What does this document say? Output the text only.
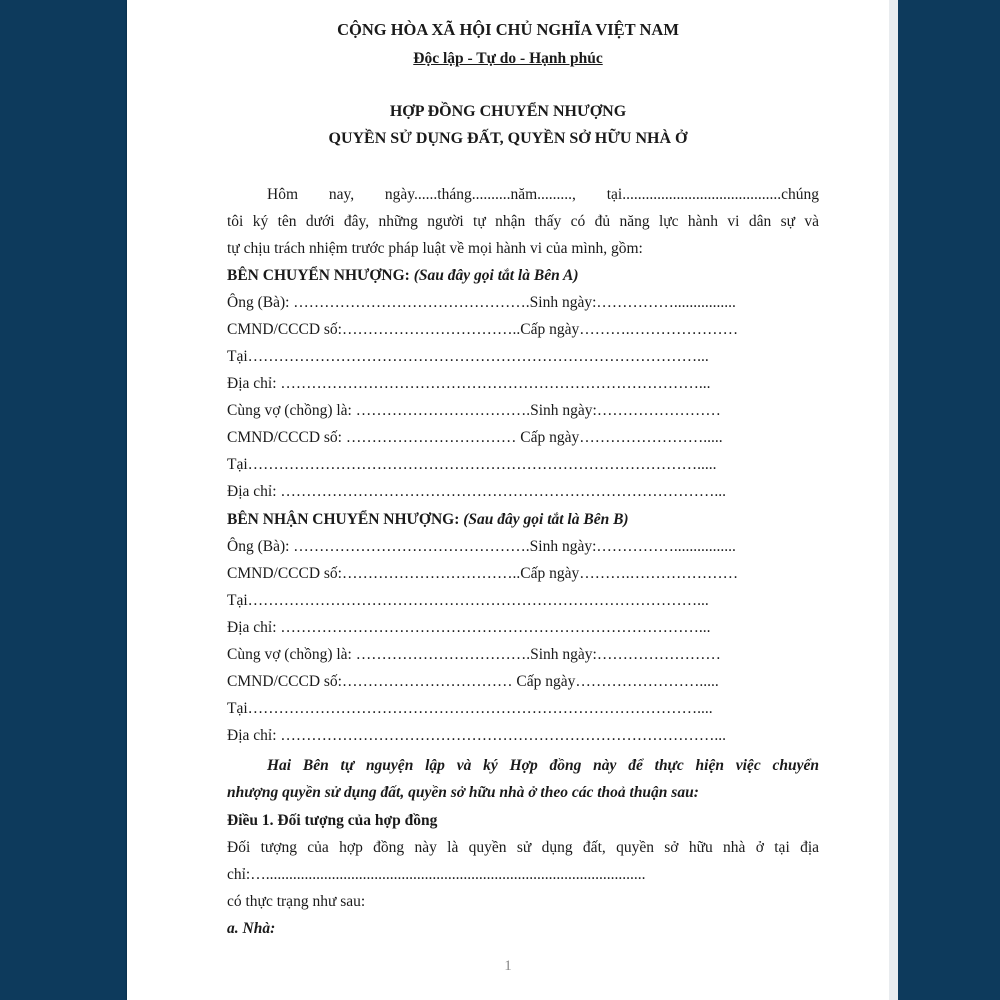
CỘNG HÒA XÃ HỘI CHỦ NGHĨA VIỆT NAM
Độc lập - Tự do - Hạnh phúc
HỢP ĐỒNG CHUYỂN NHƯỢNG
QUYỀN SỬ DỤNG ĐẤT, QUYỀN SỞ HỮU NHÀ Ở
Hôm nay, ngày......tháng..........năm........., tại.........................................chúng
tôi ký tên dưới đây, những người tự nhận thấy có đủ năng lực hành vi dân sự và
tự chịu trách nhiệm trước pháp luật về mọi hành vi của mình, gồm:
BÊN CHUYỂN NHƯỢNG: (Sau đây gọi tắt là Bên A)
Ông (Bà): ……………………………………….Sinh ngày:……………................
CMND/CCCD số:……………………………..Cấp ngày……….…………………
Tại……………………………………………………………………………...
Địa chỉ: ………………………………………………………………………...
Cùng vợ (chồng) là: …………………………….Sinh ngày:……………………
CMND/CCCD số: …………………………… Cấp ngày…………………….....
Tại…………………………………………………………………………….....
Địa chỉ: …………………………………………………………………………...
BÊN NHẬN CHUYỂN NHƯỢNG: (Sau đây gọi tắt là Bên B)
Ông (Bà): ……………………………………….Sinh ngày:……………................
CMND/CCCD số:……………………………..Cấp ngày……….…………………
Tại……………………………………………………………………………...
Địa chỉ: ………………………………………………………………………...
Cùng vợ (chồng) là: …………………………….Sinh ngày:……………………
CMND/CCCD số:…………………………… Cấp ngày…………………….....
Tại……………………………………………………………………………....
Địa chỉ: …………………………………………………………………………...
Hai Bên tự nguyện lập và ký Hợp đồng này để thực hiện việc chuyển
nhượng quyền sử dụng đất, quyền sở hữu nhà ở theo các thoả thuận sau:
Điều 1. Đối tượng của hợp đồng
Đối tượng của hợp đồng này là quyền sử dụng đất, quyền sở hữu nhà ở tại địa
chỉ:…..................................................................................................
có thực trạng như sau:
a. Nhà:
1
